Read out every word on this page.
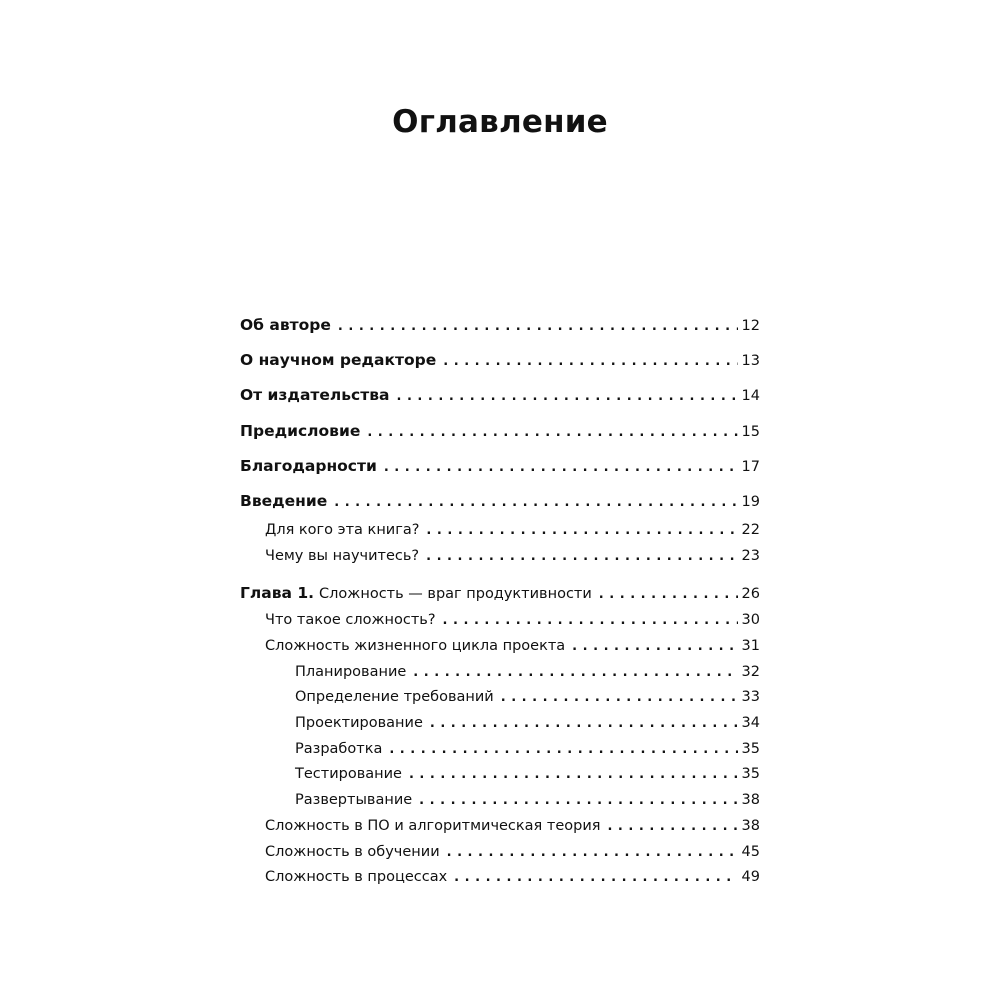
Оглавление
Об авторе . . .	12
О научном редакторе . . .	13
От издательства . . .	14
Предисловие . . .	15
Благодарности . . .	17
Введение . . .	19
Для кого эта книга? . . .	22
Чему вы научитесь? . . .	23
Глава 1. Сложность — враг продуктивности . . .	26
Что такое сложность? . . .	30
Сложность жизненного цикла проекта . . .	31
Планирование . . .	32
Определение требований . . .	33
Проектирование . . .	34
Разработка . . .	35
Тестирование . . .	35
Развертывание . . .	38
Сложность в ПО и алгоритмическая теория . . .	38
Сложность в обучении . . .	45
Сложность в процессах . . .	49
